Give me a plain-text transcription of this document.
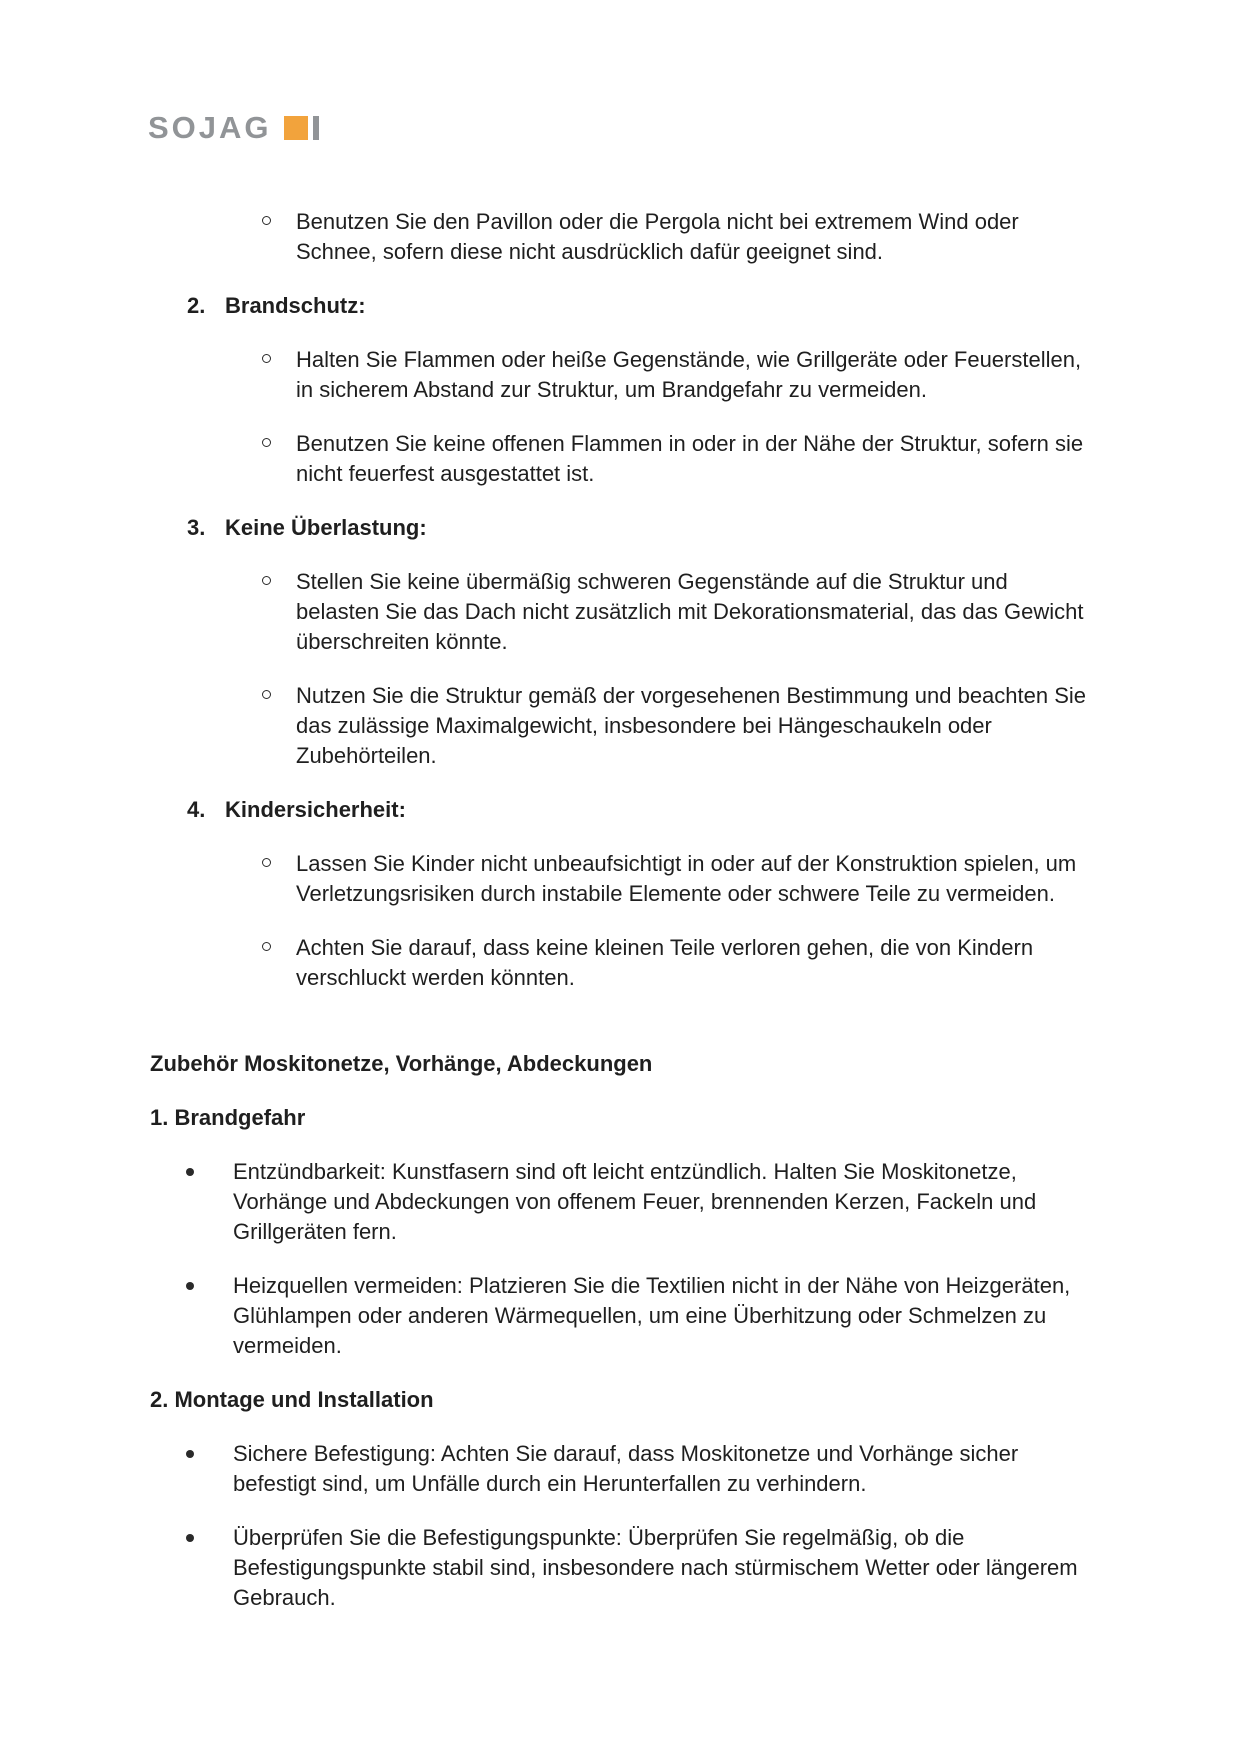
SOJAG
Benutzen Sie den Pavillon oder die Pergola nicht bei extremem Wind oder Schnee, sofern diese nicht ausdrücklich dafür geeignet sind.
2. Brandschutz:
Halten Sie Flammen oder heiße Gegenstände, wie Grillgeräte oder Feuerstellen, in sicherem Abstand zur Struktur, um Brandgefahr zu vermeiden.
Benutzen Sie keine offenen Flammen in oder in der Nähe der Struktur, sofern sie nicht feuerfest ausgestattet ist.
3. Keine Überlastung:
Stellen Sie keine übermäßig schweren Gegenstände auf die Struktur und belasten Sie das Dach nicht zusätzlich mit Dekorationsmaterial, das das Gewicht überschreiten könnte.
Nutzen Sie die Struktur gemäß der vorgesehenen Bestimmung und beachten Sie das zulässige Maximalgewicht, insbesondere bei Hängeschaukeln oder Zubehörteilen.
4. Kindersicherheit:
Lassen Sie Kinder nicht unbeaufsichtigt in oder auf der Konstruktion spielen, um Verletzungsrisiken durch instabile Elemente oder schwere Teile zu vermeiden.
Achten Sie darauf, dass keine kleinen Teile verloren gehen, die von Kindern verschluckt werden könnten.
Zubehör Moskitonetze, Vorhänge, Abdeckungen
1. Brandgefahr
Entzündbarkeit: Kunstfasern sind oft leicht entzündlich. Halten Sie Moskitonetze, Vorhänge und Abdeckungen von offenem Feuer, brennenden Kerzen, Fackeln und Grillgeräten fern.
Heizquellen vermeiden: Platzieren Sie die Textilien nicht in der Nähe von Heizgeräten, Glühlampen oder anderen Wärmequellen, um eine Überhitzung oder Schmelzen zu vermeiden.
2. Montage und Installation
Sichere Befestigung: Achten Sie darauf, dass Moskitonetze und Vorhänge sicher befestigt sind, um Unfälle durch ein Herunterfallen zu verhindern.
Überprüfen Sie die Befestigungspunkte: Überprüfen Sie regelmäßig, ob die Befestigungspunkte stabil sind, insbesondere nach stürmischem Wetter oder längerem Gebrauch.
